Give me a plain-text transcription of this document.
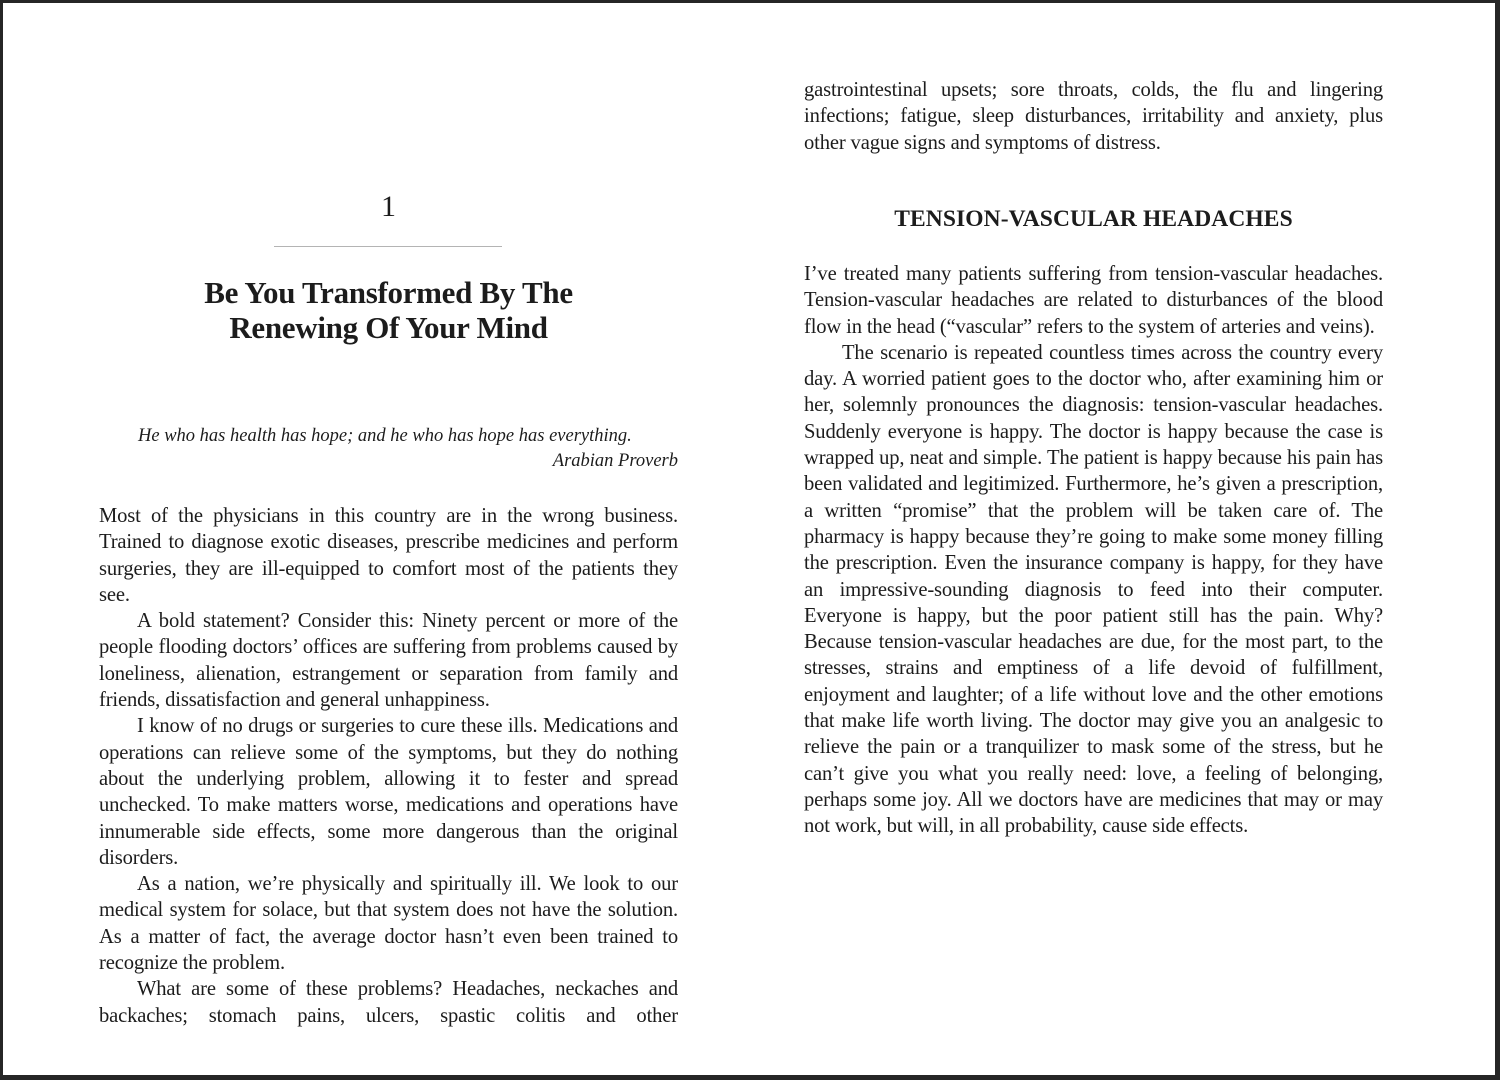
1
Be You Transformed By The
Renewing Of Your Mind
He who has health has hope; and he who has hope has everything.
Arabian Proverb

Most of the physicians in this country are in the wrong business. Trained to diagnose exotic diseases, prescribe medicines and perform surgeries, they are ill-equipped to comfort most of the patients they see.

A bold statement? Consider this: Ninety percent or more of the people flooding doctors’ offices are suffering from problems caused by loneliness, alienation, estrangement or separation from family and friends, dissatisfaction and general unhappiness.

I know of no drugs or surgeries to cure these ills. Medications and operations can relieve some of the symptoms, but they do nothing about the underlying problem, allowing it to fester and spread unchecked. To make matters worse, medications and operations have innumerable side effects, some more dangerous than the original disorders.

As a nation, we’re physically and spiritually ill. We look to our medical system for solace, but that system does not have the solution. As a matter of fact, the average doctor hasn’t even been trained to recognize the problem.

What are some of these problems? Headaches, neckaches and backaches; stomach pains, ulcers, spastic colitis and other

gastrointestinal upsets; sore throats, colds, the flu and lingering infections; fatigue, sleep disturbances, irritability and anxiety, plus other vague signs and symptoms of distress.

TENSION-VASCULAR HEADACHES

I’ve treated many patients suffering from tension-vascular headaches. Tension-vascular headaches are related to disturbances of the blood flow in the head (“vascular” refers to the system of arteries and veins).

The scenario is repeated countless times across the country every day. A worried patient goes to the doctor who, after examining him or her, solemnly pronounces the diagnosis: tension-vascular headaches. Suddenly everyone is happy. The doctor is happy because the case is wrapped up, neat and simple. The patient is happy because his pain has been validated and legitimized. Furthermore, he’s given a prescription, a written “promise” that the problem will be taken care of. The pharmacy is happy because they’re going to make some money filling the prescription. Even the insurance company is happy, for they have an impressive-sounding diagnosis to feed into their computer. Everyone is happy, but the poor patient still has the pain. Why? Because tension-vascular headaches are due, for the most part, to the stresses, strains and emptiness of a life devoid of fulfillment, enjoyment and laughter; of a life without love and the other emotions that make life worth living. The doctor may give you an analgesic to relieve the pain or a tranquilizer to mask some of the stress, but he can’t give you what you really need: love, a feeling of belonging, perhaps some joy. All we doctors have are medicines that may or may not work, but will, in all probability, cause side effects.
